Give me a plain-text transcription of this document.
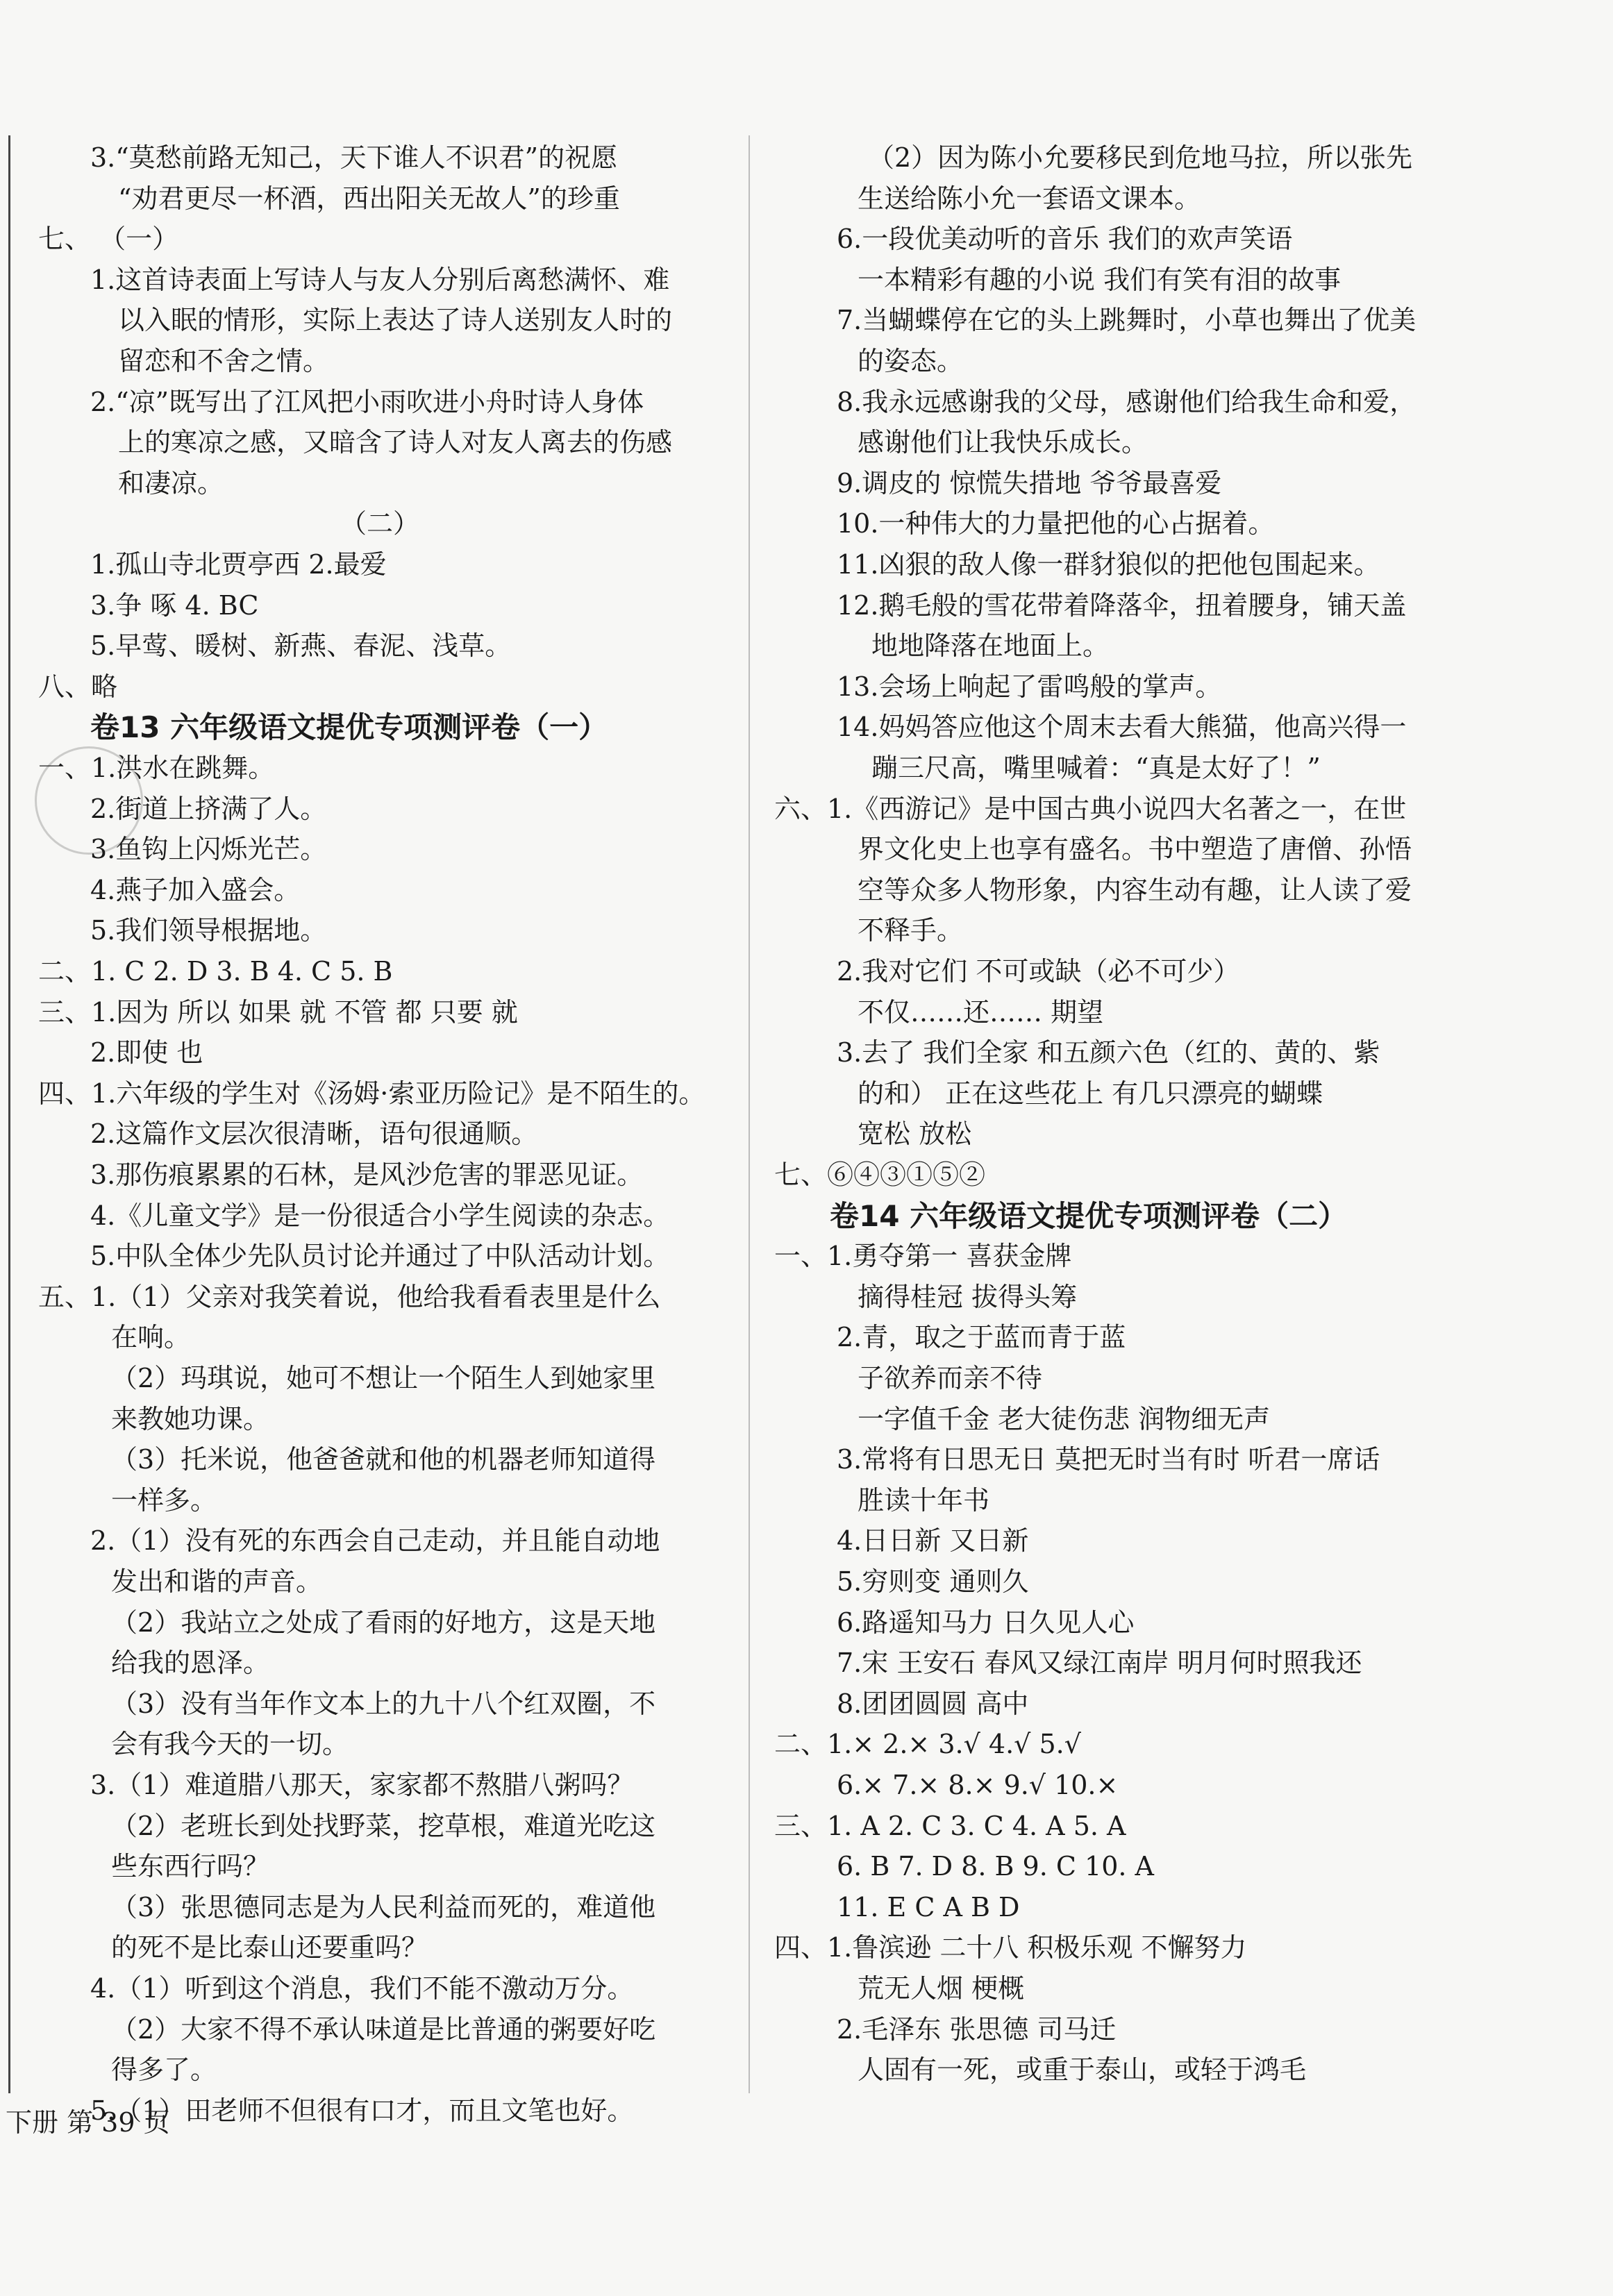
3.“莫愁前路无知己，天下谁人不识君”的祝愿
“劝君更尽一杯酒，西出阳关无故人”的珍重
七、 （一）
1.这首诗表面上写诗人与友人分别后离愁满怀、难
以入眠的情形，实际上表达了诗人送别友人时的
留恋和不舍之情。
2.“凉”既写出了江风把小雨吹进小舟时诗人身体
上的寒凉之感，又暗含了诗人对友人离去的伤感
和凄凉。
（二）
1.孤山寺北贾亭西 2.最爱
3.争 啄 4. BC
5.早莺、暖树、新燕、春泥、浅草。
八、略
卷13 六年级语文提优专项测评卷（一）
一、1.洪水在跳舞。
2.街道上挤满了人。
3.鱼钩上闪烁光芒。
4.燕子加入盛会。
5.我们领导根据地。
二、1. C 2. D 3. B 4. C 5. B
三、1.因为 所以 如果 就 不管 都 只要 就
2.即使 也
四、1.六年级的学生对《汤姆·索亚历险记》是不陌生的。
2.这篇作文层次很清晰，语句很通顺。
3.那伤痕累累的石林，是风沙危害的罪恶见证。
4.《儿童文学》是一份很适合小学生阅读的杂志。
5.中队全体少先队员讨论并通过了中队活动计划。
五、1.（1）父亲对我笑着说，他给我看看表里是什么
在响。
（2）玛琪说，她可不想让一个陌生人到她家里
来教她功课。
（3）托米说，他爸爸就和他的机器老师知道得
一样多。
2.（1）没有死的东西会自己走动，并且能自动地
发出和谐的声音。
（2）我站立之处成了看雨的好地方，这是天地
给我的恩泽。
（3）没有当年作文本上的九十八个红双圈，不
会有我今天的一切。
3.（1）难道腊八那天，家家都不熬腊八粥吗？
（2）老班长到处找野菜，挖草根，难道光吃这
些东西行吗？
（3）张思德同志是为人民利益而死的，难道他
的死不是比泰山还要重吗？
4.（1）听到这个消息，我们不能不激动万分。
（2）大家不得不承认味道是比普通的粥要好吃
得多了。
5.（1）田老师不但很有口才，而且文笔也好。
（2）因为陈小允要移民到危地马拉，所以张先
生送给陈小允一套语文课本。
6.一段优美动听的音乐 我们的欢声笑语
一本精彩有趣的小说 我们有笑有泪的故事
7.当蝴蝶停在它的头上跳舞时，小草也舞出了优美
的姿态。
8.我永远感谢我的父母，感谢他们给我生命和爱，
感谢他们让我快乐成长。
9.调皮的 惊慌失措地 爷爷最喜爱
10.一种伟大的力量把他的心占据着。
11.凶狠的敌人像一群豺狼似的把他包围起来。
12.鹅毛般的雪花带着降落伞，扭着腰身，铺天盖
地地降落在地面上。
13.会场上响起了雷鸣般的掌声。
14.妈妈答应他这个周末去看大熊猫，他高兴得一
蹦三尺高，嘴里喊着：“真是太好了！”
六、1.《西游记》是中国古典小说四大名著之一，在世
界文化史上也享有盛名。书中塑造了唐僧、孙悟
空等众多人物形象，内容生动有趣，让人读了爱
不释手。
2.我对它们 不可或缺（必不可少）
不仅……还…… 期望
3.去了 我们全家 和五颜六色（红的、黄的、紫
的和） 正在这些花上 有几只漂亮的蝴蝶
宽松 放松
七、⑥④③①⑤②
卷14 六年级语文提优专项测评卷（二）
一、1.勇夺第一 喜获金牌
摘得桂冠 拔得头筹
2.青，取之于蓝而青于蓝
子欲养而亲不待
一字值千金 老大徒伤悲 润物细无声
3.常将有日思无日 莫把无时当有时 听君一席话
胜读十年书
4.日日新 又日新
5.穷则变 通则久
6.路遥知马力 日久见人心
7.宋 王安石 春风又绿江南岸 明月何时照我还
8.团团圆圆 高中
二、1.× 2.× 3.√ 4.√ 5.√
6.× 7.× 8.× 9.√ 10.×
三、1. A 2. C 3. C 4. A 5. A
6. B 7. D 8. B 9. C 10. A
11. E C A B D
四、1.鲁滨逊 二十八 积极乐观 不懈努力
荒无人烟 梗概
2.毛泽东 张思德 司马迁
人固有一死，或重于泰山，或轻于鸿毛
下册 第 39 页
